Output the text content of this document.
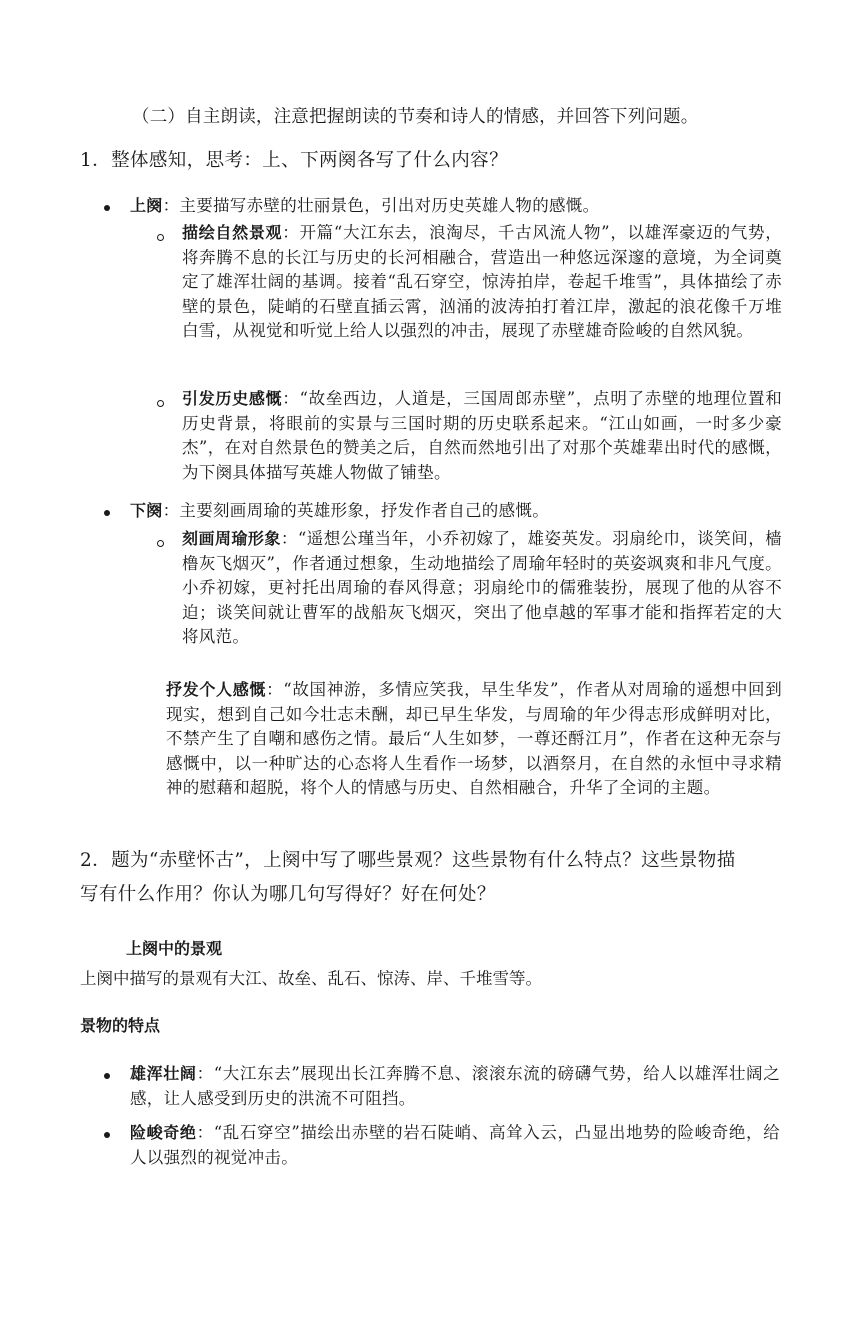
（二）自主朗读，注意把握朗读的节奏和诗人的情感，并回答下列问题。
1．整体感知，思考：上、下两阕各写了什么内容？
上阕：主要描写赤壁的壮丽景色，引出对历史英雄人物的感慨。
描绘自然景观：开篇“大江东去，浪淘尽，千古风流人物”，以雄浑豪迈的气势，将奔腾不息的长江与历史的长河相融合，营造出一种悠远深邃的意境，为全词奠定了雄浑壮阔的基调。接着“乱石穿空，惊涛拍岸，卷起千堆雪”，具体描绘了赤壁的景色，陡峭的石壁直插云霄，汹涌的波涛拍打着江岸，激起的浪花像千万堆白雪，从视觉和听觉上给人以强烈的冲击，展现了赤壁雄奇险峻的自然风貌。
引发历史感慨：“故垒西边，人道是，三国周郎赤壁”，点明了赤壁的地理位置和历史背景，将眼前的实景与三国时期的历史联系起来。“江山如画，一时多少豪杰”，在对自然景色的赞美之后，自然而然地引出了对那个英雄辈出时代的感慨，为下阕具体描写英雄人物做了铺垫。
下阕：主要刻画周瑜的英雄形象，抒发作者自己的感慨。
刻画周瑜形象：“遥想公瑾当年，小乔初嫁了，雄姿英发。羽扇纶巾，谈笑间，樯橹灰飞烟灭”，作者通过想象，生动地描绘了周瑜年轻时的英姿飒爽和非凡气度。小乔初嫁，更衬托出周瑜的春风得意；羽扇纶巾的儒雅装扮，展现了他的从容不迫；谈笑间就让曹军的战船灰飞烟灭，突出了他卓越的军事才能和指挥若定的大将风范。
抒发个人感慨：“故国神游，多情应笑我，早生华发”，作者从对周瑜的遥想中回到现实，想到自己如今壮志未酬，却已早生华发，与周瑜的年少得志形成鲜明对比，不禁产生了自嘲和感伤之情。最后“人生如梦，一尊还酹江月”，作者在这种无奈与感慨中，以一种旷达的心态将人生看作一场梦，以酒祭月，在自然的永恒中寻求精神的慰藉和超脱，将个人的情感与历史、自然相融合，升华了全词的主题。
2．题为“赤壁怀古”，上阕中写了哪些景观？这些景物有什么特点？这些景物描
写有什么作用？你认为哪几句写得好？好在何处？
上阕中的景观
上阕中描写的景观有大江、故垒、乱石、惊涛、岸、千堆雪等。
景物的特点
雄浑壮阔：“大江东去”展现出长江奔腾不息、滚滚东流的磅礴气势，给人以雄浑壮阔之感，让人感受到历史的洪流不可阻挡。
险峻奇绝：“乱石穿空”描绘出赤壁的岩石陡峭、高耸入云，凸显出地势的险峻奇绝，给人以强烈的视觉冲击。
